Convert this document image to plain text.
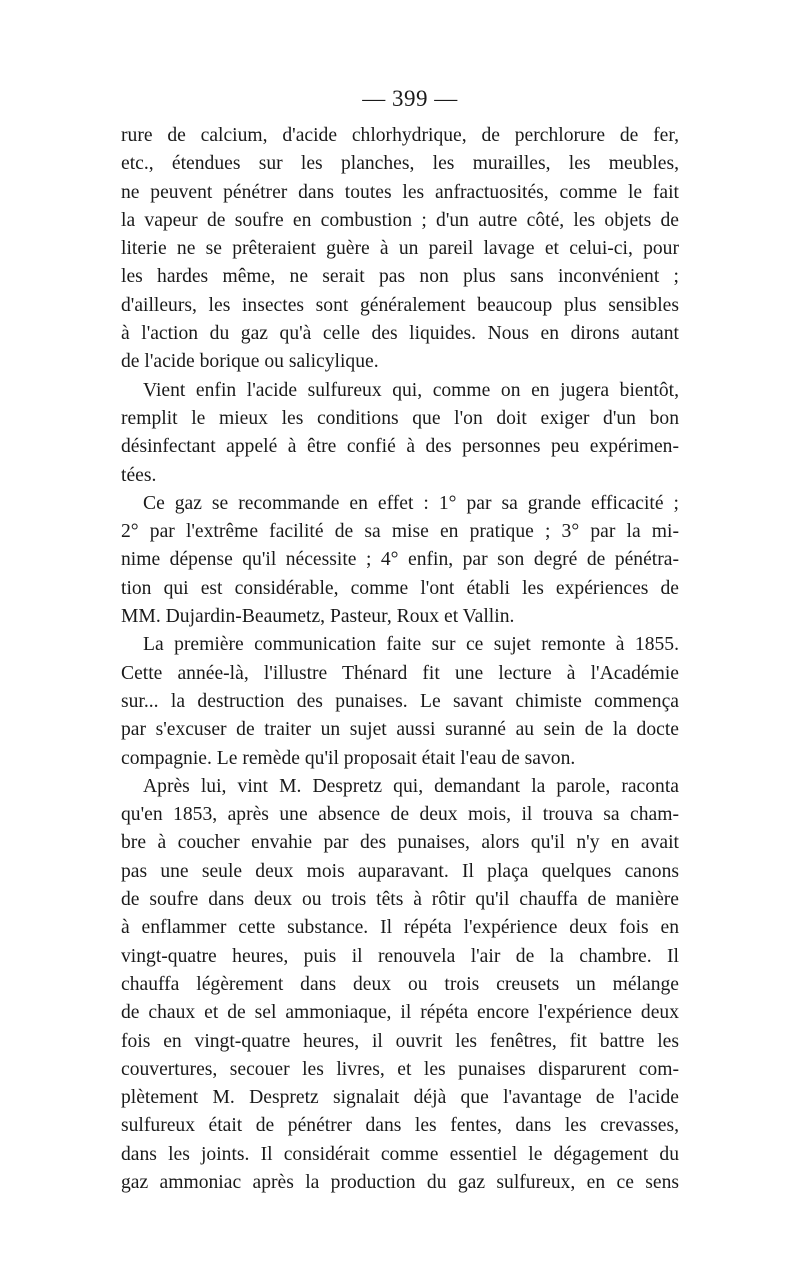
— 399 —
rure de calcium, d'acide chlorhydrique, de perchlorure de fer,
etc., étendues sur les planches, les murailles, les meubles,
ne peuvent pénétrer dans toutes les anfractuosités, comme le fait
la vapeur de soufre en combustion ; d'un autre côté, les objets de
literie ne se prêteraient guère à un pareil lavage et celui-ci, pour
les hardes même, ne serait pas non plus sans inconvénient ;
d'ailleurs, les insectes sont généralement beaucoup plus sensibles
à l'action du gaz qu'à celle des liquides. Nous en dirons autant
de l'acide borique ou salicylique.
Vient enfin l'acide sulfureux qui, comme on en jugera bientôt,
remplit le mieux les conditions que l'on doit exiger d'un bon
désinfectant appelé à être confié à des personnes peu expérimen-
tées.
Ce gaz se recommande en effet : 1° par sa grande efficacité ;
2° par l'extrême facilité de sa mise en pratique ; 3° par la mi-
nime dépense qu'il nécessite ; 4° enfin, par son degré de pénétra-
tion qui est considérable, comme l'ont établi les expériences de
MM. Dujardin-Beaumetz, Pasteur, Roux et Vallin.
La première communication faite sur ce sujet remonte à 1855.
Cette année-là, l'illustre Thénard fit une lecture à l'Académie
sur... la destruction des punaises. Le savant chimiste commença
par s'excuser de traiter un sujet aussi suranné au sein de la docte
compagnie. Le remède qu'il proposait était l'eau de savon.
Après lui, vint M. Despretz qui, demandant la parole, raconta
qu'en 1853, après une absence de deux mois, il trouva sa cham-
bre à coucher envahie par des punaises, alors qu'il n'y en avait
pas une seule deux mois auparavant. Il plaça quelques canons
de soufre dans deux ou trois têts à rôtir qu'il chauffa de manière
à enflammer cette substance. Il répéta l'expérience deux fois en
vingt-quatre heures, puis il renouvela l'air de la chambre. Il
chauffa légèrement dans deux ou trois creusets un mélange
de chaux et de sel ammoniaque, il répéta encore l'expérience deux
fois en vingt-quatre heures, il ouvrit les fenêtres, fit battre les
couvertures, secouer les livres, et les punaises disparurent com-
plètement M. Despretz signalait déjà que l'avantage de l'acide
sulfureux était de pénétrer dans les fentes, dans les crevasses,
dans les joints. Il considérait comme essentiel le dégagement du
gaz ammoniac après la production du gaz sulfureux, en ce sens
